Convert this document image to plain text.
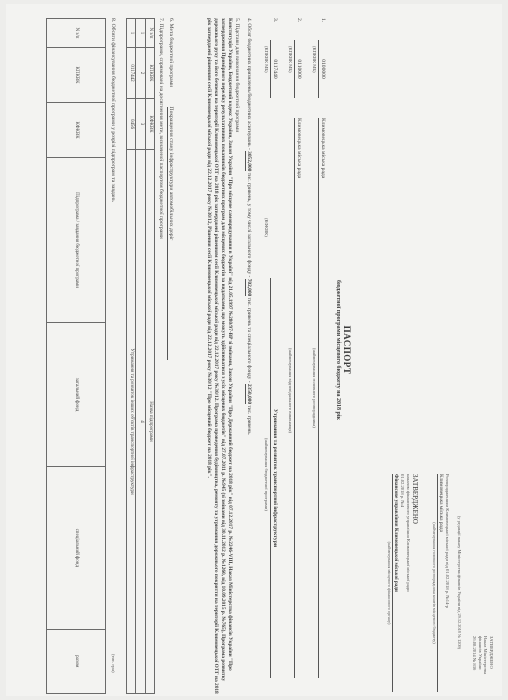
ЗАТВЕРДЖЕНО
Наказ Міністерства
фінансів України
26.08.2014 № 836
(у редакції наказу Міністерства фінансів України від 29.12.2018 № 1209)
Розпорядженням Климовецької міської ради від 01.02.2018 р. №14-р
Климовецька міська рада
(найменування головного розпорядника коштів місцевого бюджету)
ЗАТВЕРДЖЕНО
наказом фінансового управління Климовецької міської ради
01.02.2018 р. №4
Фінансове управління Климовецької міської ради
(найменування місцевого фінансового органу)
ПАСПОРТ
бюджетної програми місцевого бюджету на 2018 рік
1.
0100000
(КПКВК МБ)
Климовецька міська рада
(найменування головного розпорядника)
2.
0110000
(КПКВК МБ)
Климовецька міська рада
(найменування відповідального виконавця)
3.
0117440
(КПКВК МБ)
(КФКВК)
Утримання та розвиток транспортної інфраструктури
(найменування бюджетної програми)
4. Обсяг бюджетних призначень/бюджетних асигнувань - 3052,000 тис. гривень, у тому числі загального фонду - 702,000 тис. гривень та спеціального фонду - 2350,000 тис. гривень.
5. Підстави для виконання бюджетної програми
Конституція України, Бюджетний кодекс України, Закон України "Про місцеве самоврядування в Україні" від 21.05.1997 №280/97-ВР зі змінами, Закон України "Про Державний бюджет на 2018 рік" від 07.12.2017 р. №2246-VIII, Наказ Міністерства фінансів України "Про затвердження Примірного переліку результативних показників бюджетних програм для місцевих бюджетів за видатками, що можуть здійснюватися з усіх місцевих бюджетів" від 27.07.2011 р. №945 (зі змінами від 30.11.2012 р. №1260, від 10.09.2015 р. №765), Програма розвитку дорожнього руху та його безпеки на території Климовецької ОТГ на 2018 рік затверджені рішенням сесії Климовецької міської ради від 22.12.2017 року №30/12. Програма проведення будівництва, ремонту та утримання дорожнього покриття на території Климовецької ОТГ на 2018 рік затверджені рішенням сесії Климовецької міської ради від 22.12.2017 року №30/12, Рішення сесії Климовецької міської ради від 22.12.2017 року №30/12 "Про місцевий бюджет на 2018 рік".
6. Мета бюджетної програми Покращення стану інфраструктури автомобільних доріг
7. Підпрограми, спрямовані на досягнення мети, визначеної паспортом бюджетної програми
N з/п	КПКВК	КФКВК	Назва підпрограми
1	2	3	4
1	0117442	0456	Утримання та розвиток інших об'єктів транспортної інфраструктури
8. Обсяги фінансування бюджетної програми у розрізі підпрограм та завдань
(тис. грн)
N з/п	КПКВК	КФКВК	Підпрограма / завдання бюджетної програми	загальний фонд	спеціальний фонд	разом
